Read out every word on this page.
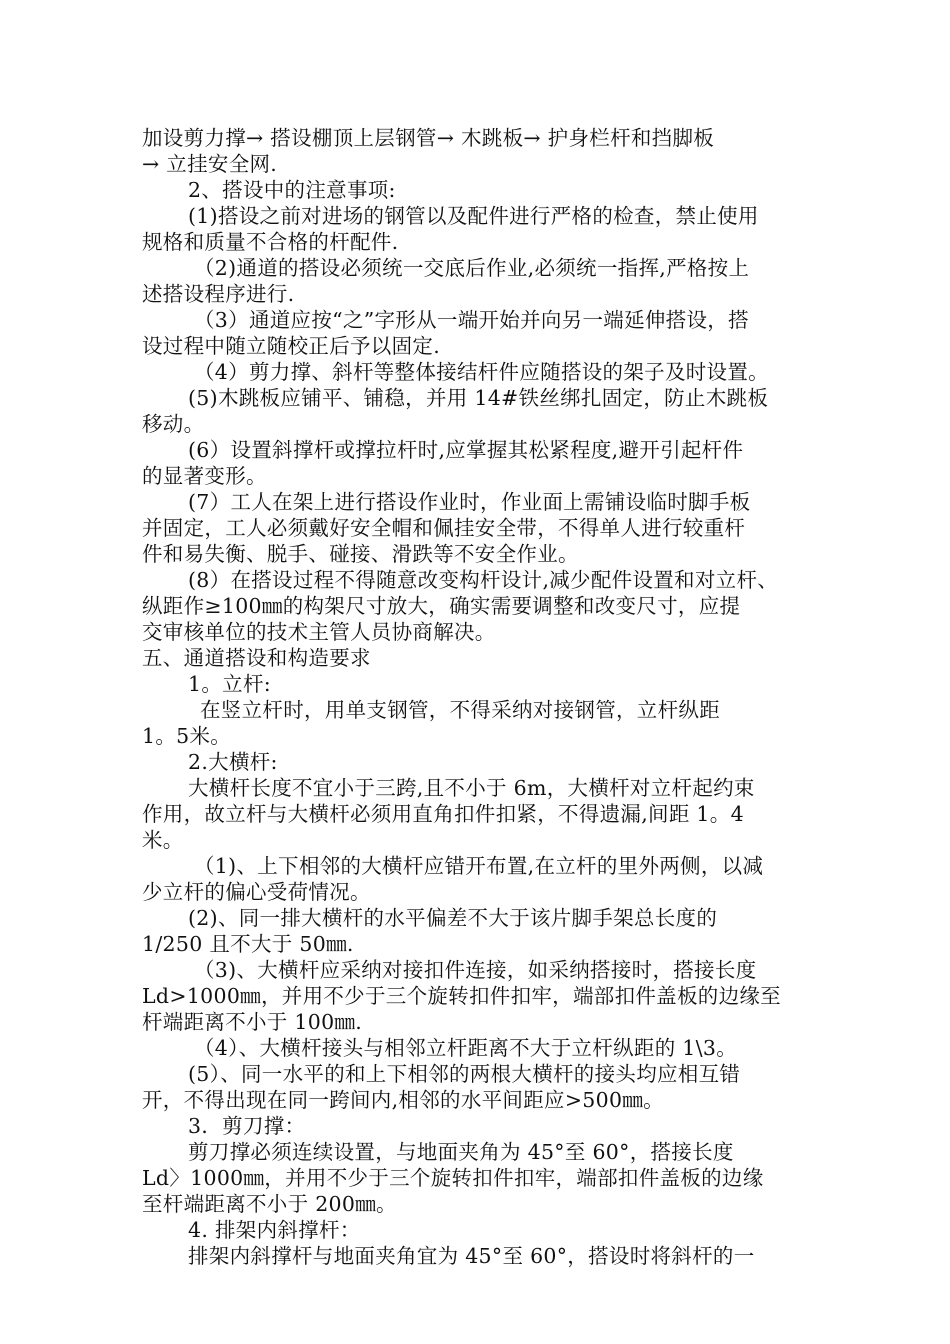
加设剪力撑→ 搭设棚顶上层钢管→ 木跳板→ 护身栏杆和挡脚板
→ 立挂安全网.
2、搭设中的注意事项:
(1)搭设之前对进场的钢管以及配件进行严格的检查，禁止使用
规格和质量不合格的杆配件.
（2)通道的搭设必须统一交底后作业,必须统一指挥,严格按上
述搭设程序进行.
（3）通道应按“之”字形从一端开始并向另一端延伸搭设，搭
设过程中随立随校正后予以固定.
（4）剪力撑、斜杆等整体接结杆件应随搭设的架子及时设置。
(5)木跳板应铺平、铺稳，并用 14#铁丝绑扎固定，防止木跳板
移动。
(6）设置斜撑杆或撑拉杆时,应掌握其松紧程度,避开引起杆件
的显著变形。
(7）工人在架上进行搭设作业时，作业面上需铺设临时脚手板
并固定，工人必须戴好安全帽和佩挂安全带，不得单人进行较重杆
件和易失衡、脱手、碰接、滑跌等不安全作业。
(8）在搭设过程不得随意改变构杆设计,减少配件设置和对立杆、
纵距作≥100㎜的构架尺寸放大，确实需要调整和改变尺寸，应提
交审核单位的技术主管人员协商解决。
五、通道搭设和构造要求
1。立杆:
在竖立杆时，用单支钢管，不得采纳对接钢管，立杆纵距
1。5米。
2.大横杆:
大横杆长度不宜小于三跨,且不小于 6m，大横杆对立杆起约束
作用，故立杆与大横杆必须用直角扣件扣紧，不得遗漏,间距 1。4
米。
（1)、上下相邻的大横杆应错开布置,在立杆的里外两侧，以减
少立杆的偏心受荷情况。
(2)、同一排大横杆的水平偏差不大于该片脚手架总长度的
1/250 且不大于 50㎜.
（3)、大横杆应采纳对接扣件连接，如采纳搭接时，搭接长度
Ld>1000㎜，并用不少于三个旋转扣件扣牢，端部扣件盖板的边缘至
杆端距离不小于 100㎜.
（4）、大横杆接头与相邻立杆距离不大于立杆纵距的 1\3。
(5）、同一水平的和上下相邻的两根大横杆的接头均应相互错
开，不得出现在同一跨间内,相邻的水平间距应>500㎜。
3．剪刀撑：
剪刀撑必须连续设置，与地面夹角为 45°至 60°，搭接长度
Ld〉1000㎜，并用不少于三个旋转扣件扣牢，端部扣件盖板的边缘
至杆端距离不小于 200㎜。
4. 排架内斜撑杆：
排架内斜撑杆与地面夹角宜为 45°至 60°，搭设时将斜杆的一
